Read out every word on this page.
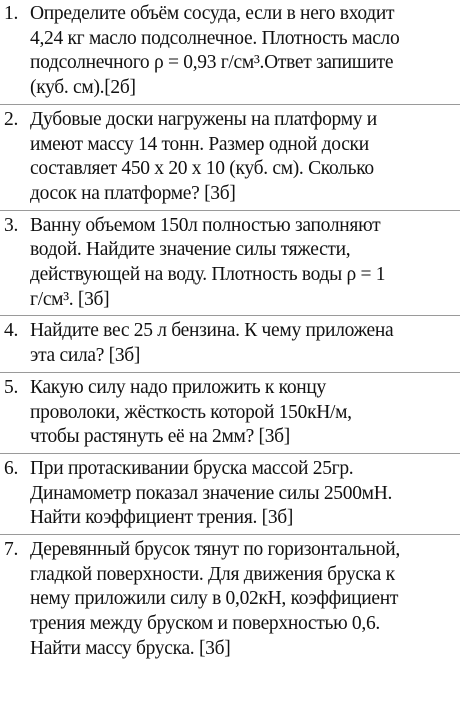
1. Определите объём сосуда, если в него входит
4,24 кг масло подсолнечное. Плотность масло
подсолнечного ρ = 0,93 г/см³.Ответ запишите
(куб. см).[2б]
2. Дубовые доски нагружены на платформу и
имеют массу 14 тонн. Размер одной доски
составляет 450 х 20 х 10 (куб. см). Сколько
досок на платформе? [3б]
3. Ванну объемом 150л полностью заполняют
водой. Найдите значение силы тяжести,
действующей на воду. Плотность воды ρ = 1
г/см³. [3б]
4. Найдите вес 25 л бензина. К чему приложена
эта сила? [3б]
5. Какую силу надо приложить к концу
проволоки, жёсткость которой 150кН/м,
чтобы растянуть её на 2мм? [3б]
6. При протаскивании бруска массой 25гр.
Динамометр показал значение силы 2500мН.
Найти коэффициент трения. [3б]
7. Деревянный брусок тянут по горизонтальной,
гладкой поверхности. Для движения бруска к
нему приложили силу в 0,02кН, коэффициент
трения между бруском и поверхностью 0,6.
Найти массу бруска. [3б]
